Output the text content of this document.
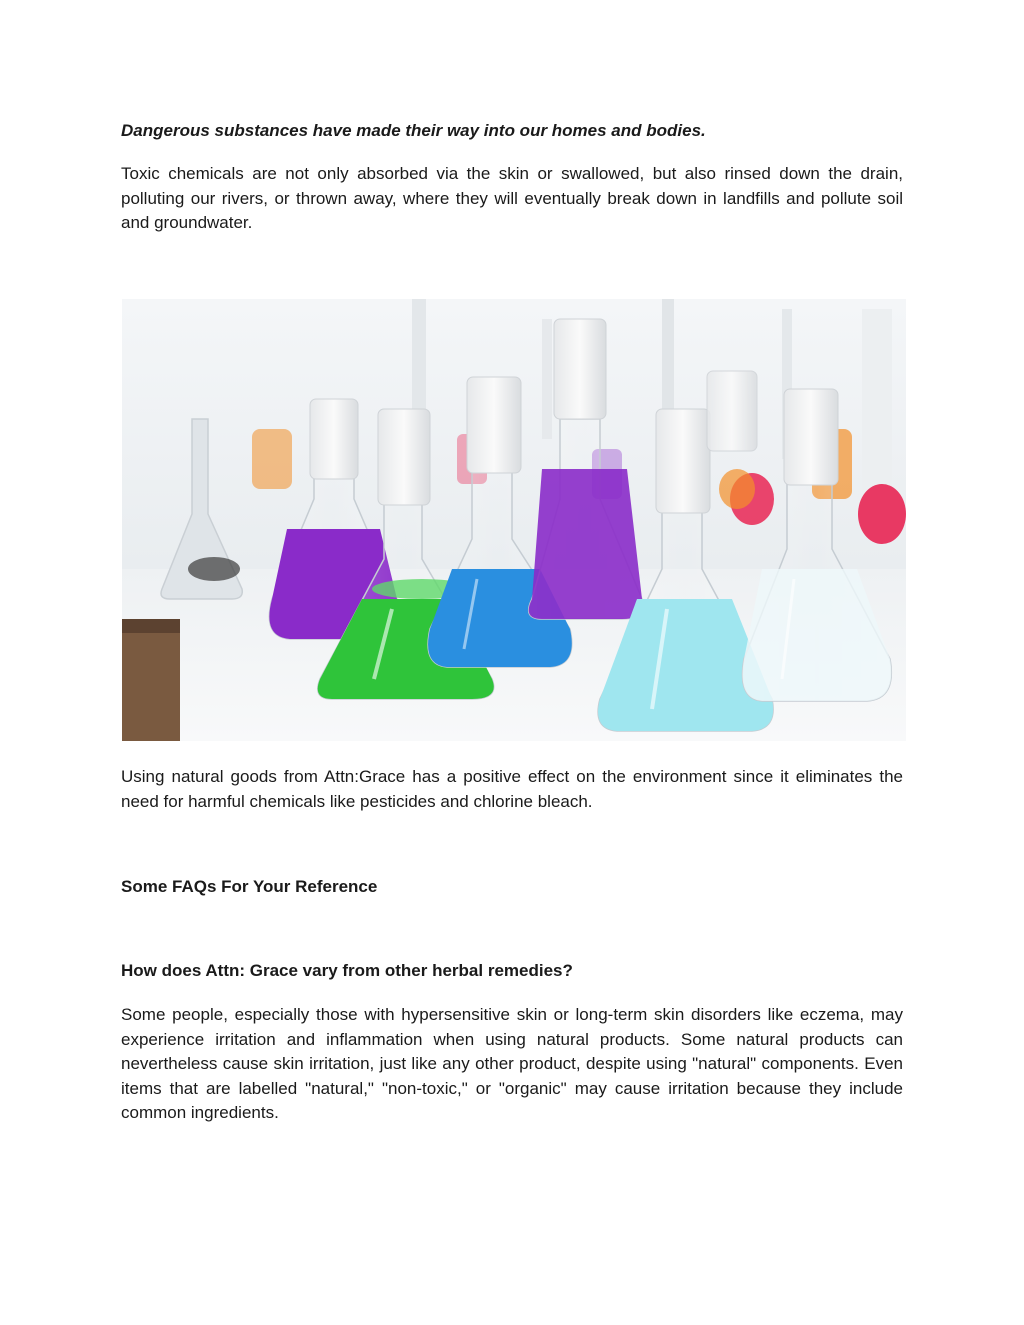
Dangerous substances have made their way into our homes and bodies.

Toxic chemicals are not only absorbed via the skin or swallowed, but also rinsed down the drain, polluting our rivers, or thrown away, where they will eventually break down in landfills and pollute soil and groundwater.

Using natural goods from Attn:Grace has a positive effect on the environment since it eliminates the need for harmful chemicals like pesticides and chlorine bleach.

Some FAQs For Your Reference

How does Attn: Grace vary from other herbal remedies?

Some people, especially those with hypersensitive skin or long-term skin disorders like eczema, may experience irritation and inflammation when using natural products. Some natural products can nevertheless cause skin irritation, just like any other product, despite using "natural" components. Even items that are labelled "natural," "non-toxic," or "organic" may cause irritation because they include common ingredients.
